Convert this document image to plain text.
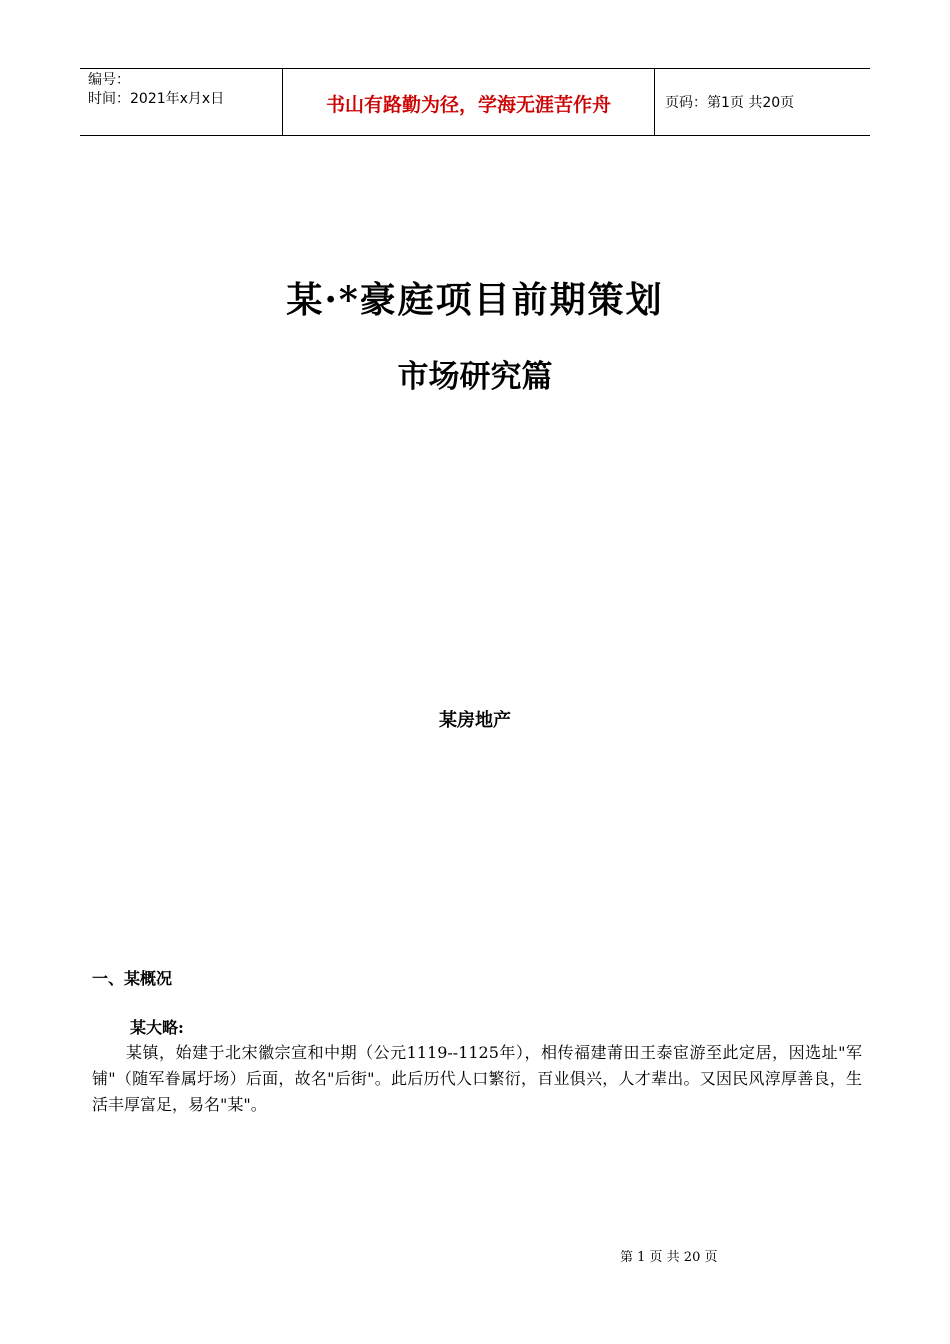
编号：
时间：2021年x月x日	书山有路勤为径，学海无涯苦作舟	页码：第1页 共20页
某·*豪庭项目前期策划
市场研究篇
某房地产
一、某概况
某大略:
某镇，始建于北宋徽宗宣和中期（公元1119--1125年），相传福建莆田王泰宦游至此定居，因选址"军铺"（随军眷属圩场）后面，故名"后街"。此后历代人口繁衍，百业俱兴，人才辈出。又因民风淳厚善良，生活丰厚富足，易名"某"。
第 1 页 共 20 页
